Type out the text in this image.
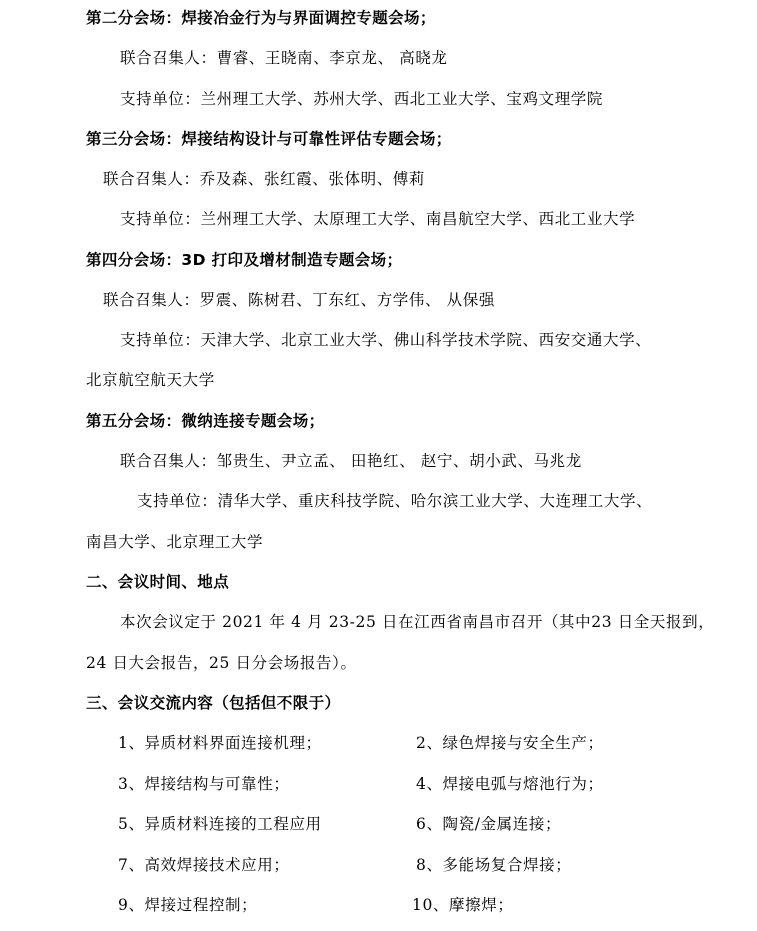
第二分会场：焊接冶金行为与界面调控专题会场；
联合召集人：曹睿、王晓南、李京龙、 高晓龙
支持单位：兰州理工大学、苏州大学、西北工业大学、宝鸡文理学院
第三分会场：焊接结构设计与可靠性评估专题会场；
联合召集人：乔及森、张红霞、张体明、傅莉
支持单位：兰州理工大学、太原理工大学、南昌航空大学、西北工业大学
第四分会场：3D 打印及增材制造专题会场；
联合召集人：罗震、陈树君、丁东红、方学伟、 从保强
支持单位：天津大学、北京工业大学、佛山科学技术学院、西安交通大学、
北京航空航天大学
第五分会场：微纳连接专题会场；
联合召集人：邹贵生、尹立孟、 田艳红、 赵宁、胡小武、马兆龙
支持单位：清华大学、重庆科技学院、哈尔滨工业大学、大连理工大学、
南昌大学、北京理工大学
二、会议时间、地点
本次会议定于 2021 年 4 月 23-25 日在江西省南昌市召开（其中23 日全天报到，
24 日大会报告，25 日分会场报告）。
三、会议交流内容（包括但不限于）
1、异质材料界面连接机理；	2、绿色焊接与安全生产；
3、焊接结构与可靠性；	4、焊接电弧与熔池行为；
5、异质材料连接的工程应用	6、陶瓷/金属连接；
7、高效焊接技术应用；	8、多能场复合焊接；
9、焊接过程控制；	10、摩擦焊；
